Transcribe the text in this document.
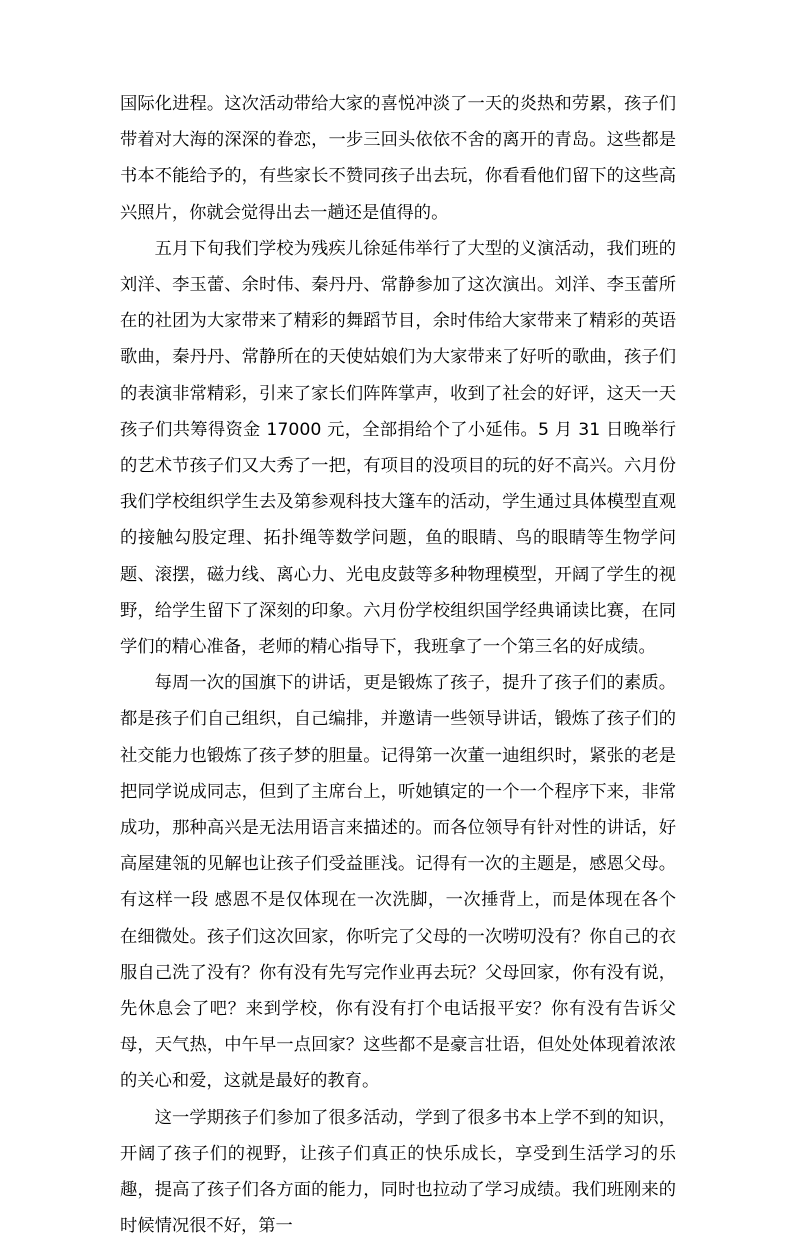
国际化进程。这次活动带给大家的喜悦冲淡了一天的炎热和劳累，孩子们带着对大海的深深的眷恋，一步三回头依依不舍的离开的青岛。这些都是书本不能给予的，有些家长不赞同孩子出去玩，你看看他们留下的这些高兴照片，你就会觉得出去一趟还是值得的。

五月下旬我们学校为残疾儿徐延伟举行了大型的义演活动，我们班的刘洋、李玉蕾、余时伟、秦丹丹、常静参加了这次演出。刘洋、李玉蕾所在的社团为大家带来了精彩的舞蹈节目，余时伟给大家带来了精彩的英语歌曲，秦丹丹、常静所在的天使姑娘们为大家带来了好听的歌曲，孩子们的表演非常精彩，引来了家长们阵阵掌声，收到了社会的好评，这天一天孩子们共筹得资金 17000 元，全部捐给个了小延伟。5 月 31 日晚举行的艺术节孩子们又大秀了一把，有项目的没项目的玩的好不高兴。六月份我们学校组织学生去及第参观科技大篷车的活动，学生通过具体模型直观的接触勾股定理、拓扑绳等数学问题，鱼的眼睛、鸟的眼睛等生物学问题、滚摆，磁力线、离心力、光电皮鼓等多种物理模型，开阔了学生的视野，给学生留下了深刻的印象。六月份学校组织国学经典诵读比赛，在同学们的精心准备，老师的精心指导下，我班拿了一个第三名的好成绩。

每周一次的国旗下的讲话，更是锻炼了孩子，提升了孩子们的素质。都是孩子们自己组织，自己编排，并邀请一些领导讲话，锻炼了孩子们的社交能力也锻炼了孩子梦的胆量。记得第一次董一迪组织时，紧张的老是把同学说成同志，但到了主席台上，听她镇定的一个一个程序下来，非常成功，那种高兴是无法用语言来描述的。而各位领导有针对性的讲话，好高屋建瓴的见解也让孩子们受益匪浅。记得有一次的主题是，感恩父母。有这样一段 感恩不是仅体现在一次洗脚，一次捶背上，而是体现在各个在细微处。孩子们这次回家，你听完了父母的一次唠叨没有？你自己的衣服自己洗了没有？你有没有先写完作业再去玩？父母回家，你有没有说，先休息会了吧？来到学校，你有没有打个电话报平安？你有没有告诉父母，天气热，中午早一点回家？这些都不是豪言壮语，但处处体现着浓浓的关心和爱，这就是最好的教育。

这一学期孩子们参加了很多活动，学到了很多书本上学不到的知识，开阔了孩子们的视野，让孩子们真正的快乐成长，享受到生活学习的乐趣，提高了孩子们各方面的能力，同时也拉动了学习成绩。我们班刚来的时候情况很不好，第一
